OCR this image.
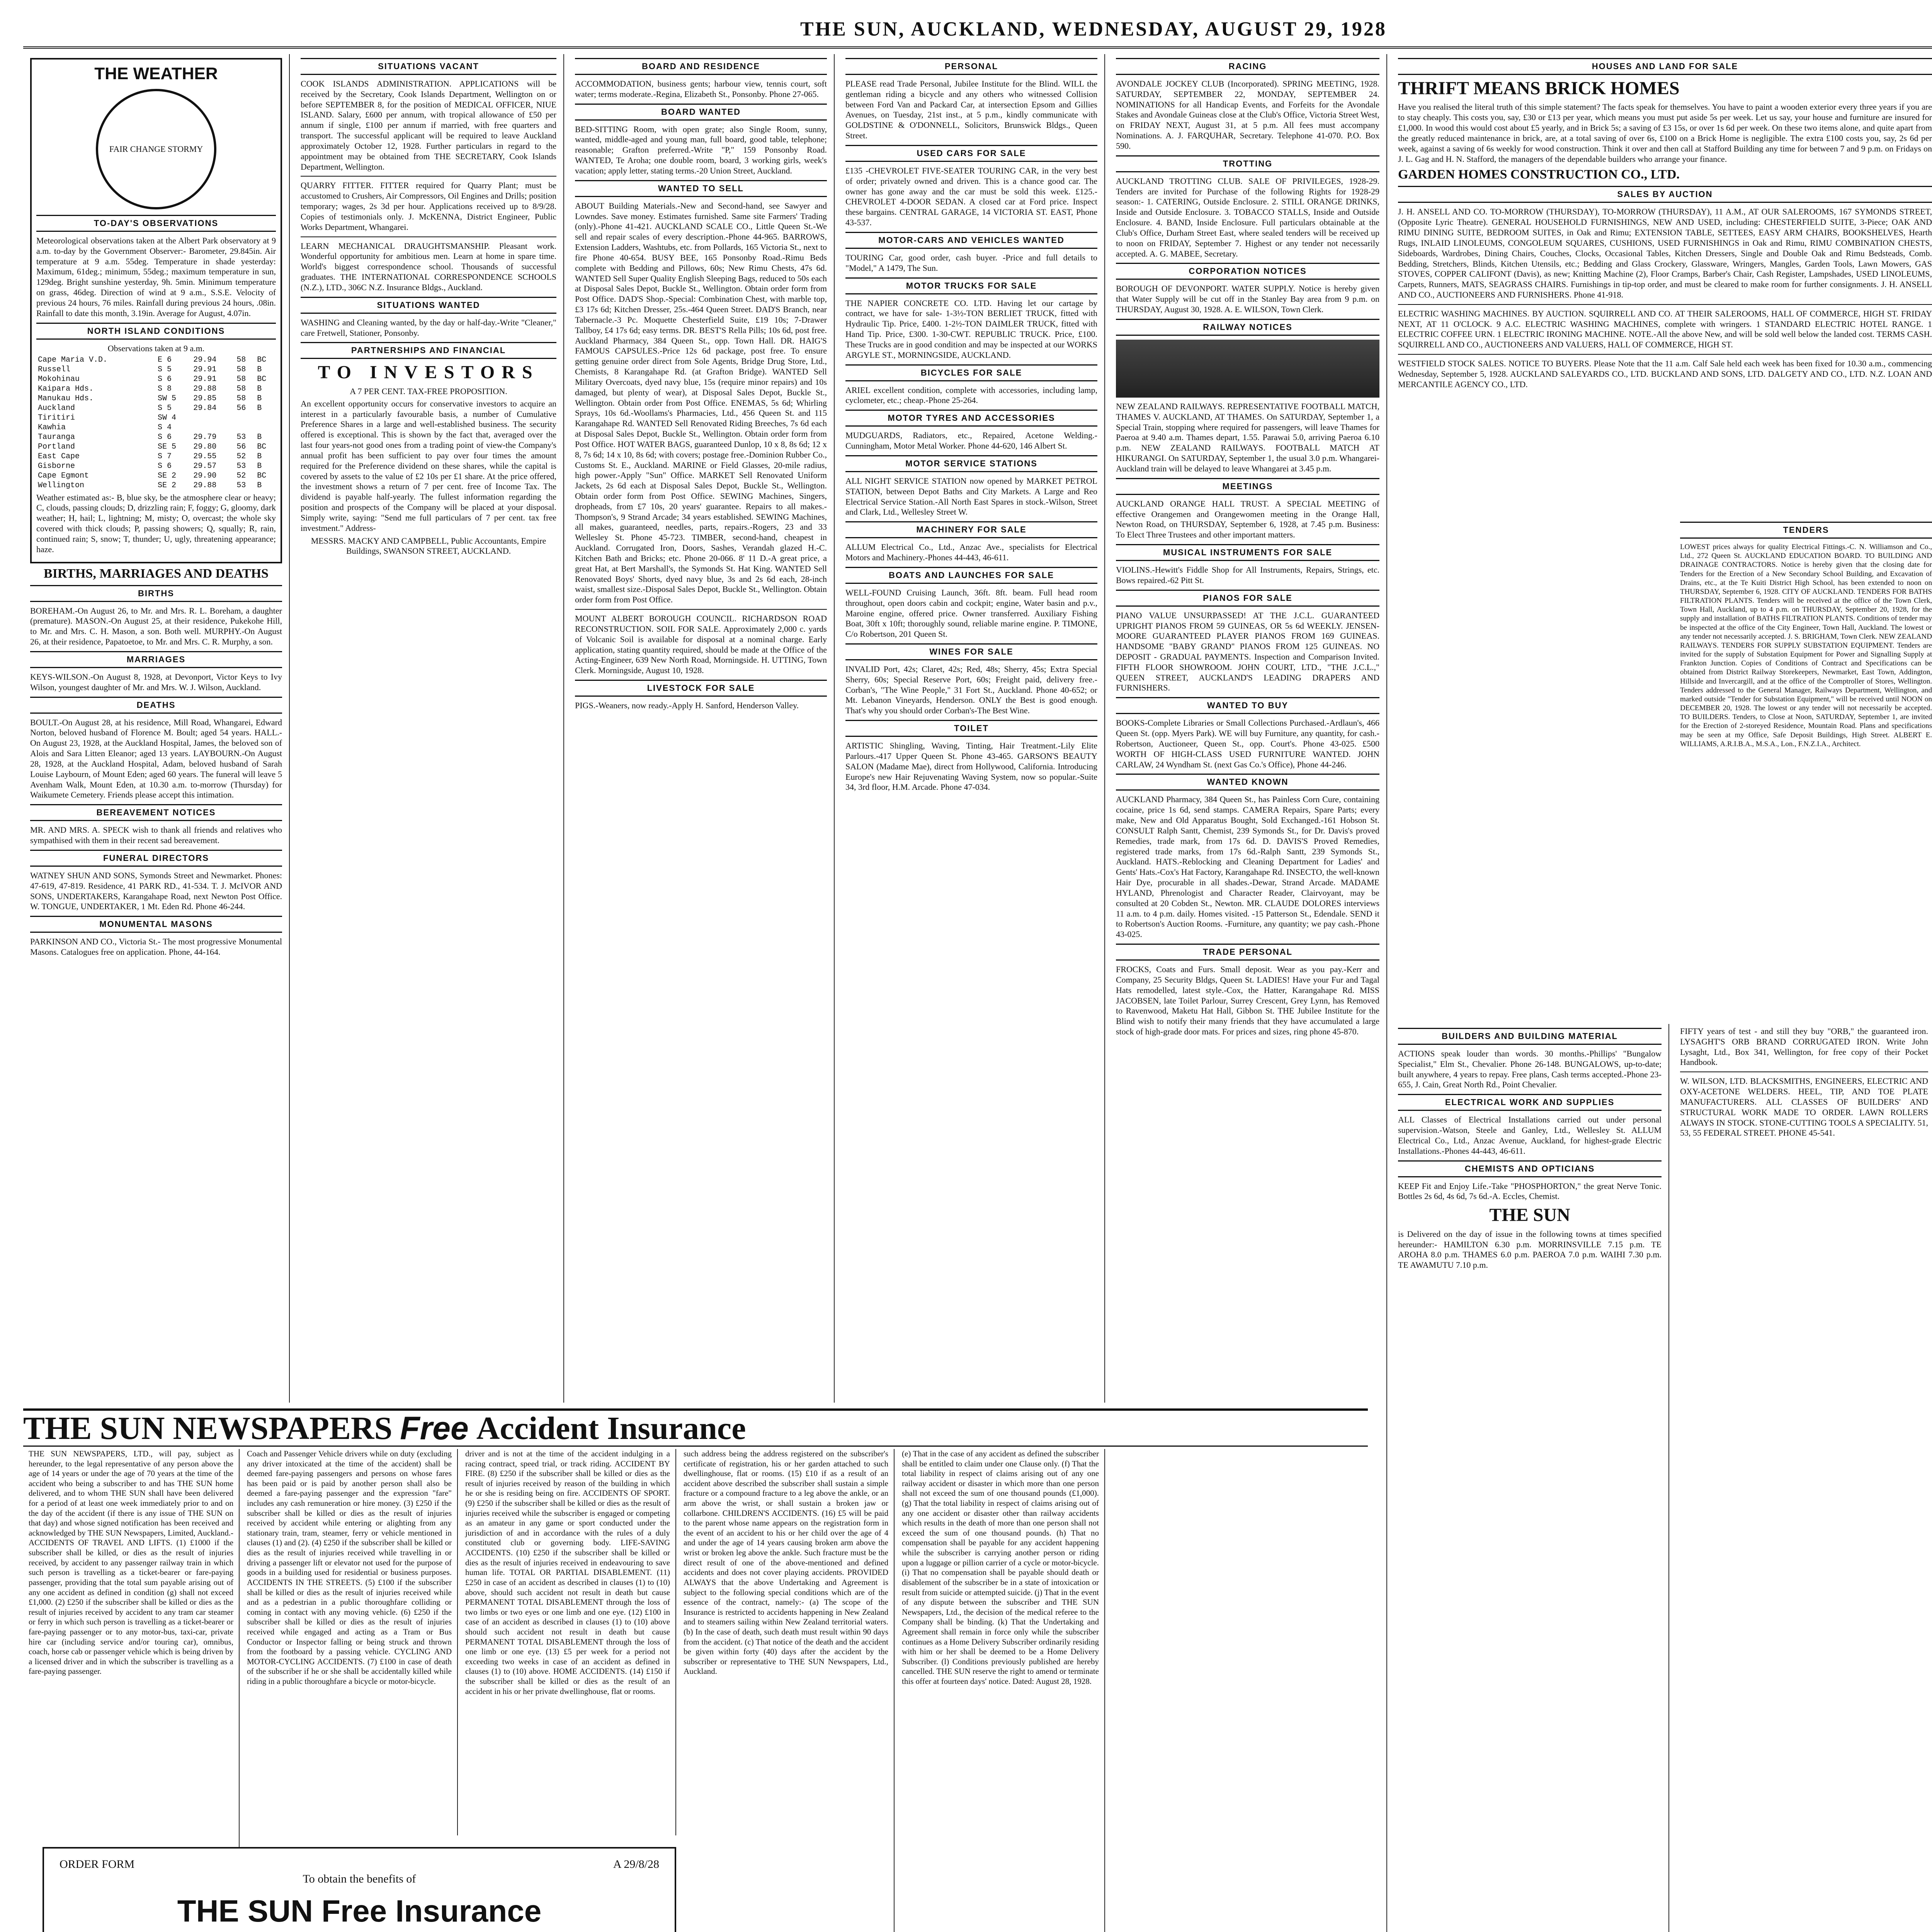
THE SUN, AUCKLAND, WEDNESDAY, AUGUST 29, 1928
THE WEATHER
FAIR CHANGE STORMY
TO-DAY'S OBSERVATIONS
Meteorological observations taken at the Albert Park observatory at 9 a.m. to-day by the Government Observer:- Barometer, 29.845in. Air temperature at 9 a.m. 55deg. Temperature in shade yesterday: Maximum, 61deg.; minimum, 55deg.; maximum temperature in sun, 129deg. Bright sunshine yesterday, 9h. 5min. Minimum temperature on grass, 46deg. Direction of wind at 9 a.m., S.S.E. Velocity of previous 24 hours, 76 miles. Rainfall during previous 24 hours, .08in. Rainfall to date this month, 3.19in. Average for August, 4.07in.
NORTH ISLAND CONDITIONS
Observations taken at 9 a.m.
Cape Maria V.D.	E 6	29.94	58	BC
Russell	S 5	29.91	58	B
Mokohinau	S 6	29.91	58	BC
Kaipara Hds.	S 8	29.88	58	B
Manukau Hds.	SW 5	29.85	58	B
Auckland	S 5	29.84	56	B
Tiritiri	SW 4			
Kawhia	S 4			
Tauranga	S 6	29.79	53	B
Portland	SE 5	29.80	56	BC
East Cape	S 7	29.55	52	B
Gisborne	S 6	29.57	53	B
Cape Egmont	SE 2	29.90	52	BC
Wellington	SE 2	29.88	53	B
Weather estimated as:- B, blue sky, be the atmosphere clear or heavy; C, clouds, passing clouds; D, drizzling rain; F, foggy; G, gloomy, dark weather; H, hail; L, lightning; M, misty; O, overcast; the whole sky covered with thick clouds; P, passing showers; Q, squally; R, rain, continued rain; S, snow; T, thunder; U, ugly, threatening appearance; haze.
BIRTHS, MARRIAGES AND DEATHS
BIRTHS
BOREHAM.-On August 26, to Mr. and Mrs. R. L. Boreham, a daughter (premature). MASON.-On August 25, at their residence, Pukekohe Hill, to Mr. and Mrs. C. H. Mason, a son. Both well. MURPHY.-On August 26, at their residence, Papatoetoe, to Mr. and Mrs. C. R. Murphy, a son.
MARRIAGES
KEYS-WILSON.-On August 8, 1928, at Devonport, Victor Keys to Ivy Wilson, youngest daughter of Mr. and Mrs. W. J. Wilson, Auckland.
DEATHS
BOULT.-On August 28, at his residence, Mill Road, Whangarei, Edward Norton, beloved husband of Florence M. Boult; aged 54 years. HALL.-On August 23, 1928, at the Auckland Hospital, James, the beloved son of Alois and Sara Litten Eleanor; aged 13 years. LAYBOURN.-On August 28, 1928, at the Auckland Hospital, Adam, beloved husband of Sarah Louise Laybourn, of Mount Eden; aged 60 years. The funeral will leave 5 Avenham Walk, Mount Eden, at 10.30 a.m. to-morrow (Thursday) for Waikumete Cemetery. Friends please accept this intimation.
BEREAVEMENT NOTICES
MR. AND MRS. A. SPECK wish to thank all friends and relatives who sympathised with them in their recent sad bereavement.
FUNERAL DIRECTORS
WATNEY SHUN AND SONS, Symonds Street and Newmarket. Phones: 47-619, 47-819. Residence, 41 PARK RD., 41-534. T. J. McIVOR AND SONS, UNDERTAKERS, Karangahape Road, next Newton Post Office. W. TONGUE, UNDERTAKER, 1 Mt. Eden Rd. Phone 46-244.
MONUMENTAL MASONS
PARKINSON AND CO., Victoria St.- The most progressive Monumental Masons. Catalogues free on application. Phone, 44-164.
SITUATIONS VACANT
COOK ISLANDS ADMINISTRATION. APPLICATIONS will be received by the Secretary, Cook Islands Department, Wellington on or before SEPTEMBER 8, for the position of MEDICAL OFFICER, NIUE ISLAND. Salary, £600 per annum, with tropical allowance of £50 per annum if single, £100 per annum if married, with free quarters and transport. The successful applicant will be required to leave Auckland approximately October 12, 1928. Further particulars in regard to the appointment may be obtained from THE SECRETARY, Cook Islands Department, Wellington.
QUARRY FITTER. FITTER required for Quarry Plant; must be accustomed to Crushers, Air Compressors, Oil Engines and Drills; position temporary; wages, 2s 3d per hour. Applications received up to 8/9/28. Copies of testimonials only. J. McKENNA, District Engineer, Public Works Department, Whangarei.
LEARN MECHANICAL DRAUGHTSMANSHIP. Pleasant work. Wonderful opportunity for ambitious men. Learn at home in spare time. World's biggest correspondence school. Thousands of successful graduates. THE INTERNATIONAL CORRESPONDENCE SCHOOLS (N.Z.), LTD., 306C N.Z. Insurance Bldgs., Auckland.
SITUATIONS WANTED
WASHING and Cleaning wanted, by the day or half-day.-Write "Cleaner," care Fretwell, Stationer, Ponsonby.
PARTNERSHIPS AND FINANCIAL
TO INVESTORS
A 7 PER CENT. TAX-FREE PROPOSITION.
An excellent opportunity occurs for conservative investors to acquire an interest in a particularly favourable basis, a number of Cumulative Preference Shares in a large and well-established business. The security offered is exceptional. This is shown by the fact that, averaged over the last four years-not good ones from a trading point of view-the Company's annual profit has been sufficient to pay over four times the amount required for the Preference dividend on these shares, while the capital is covered by assets to the value of £2 10s per £1 share. At the price offered, the investment shows a return of 7 per cent. free of Income Tax. The dividend is payable half-yearly. The fullest information regarding the position and prospects of the Company will be placed at your disposal. Simply write, saying: "Send me full particulars of 7 per cent. tax free investment." Address-
MESSRS. MACKY AND CAMPBELL, Public Accountants, Empire Buildings, SWANSON STREET, AUCKLAND.
BOARD AND RESIDENCE
ACCOMMODATION, business gents; harbour view, tennis court, soft water; terms moderate.-Regina, Elizabeth St., Ponsonby. Phone 27-065.
BOARD WANTED
BED-SITTING Room, with open grate; also Single Room, sunny, wanted, middle-aged and young man, full board, good table, telephone; reasonable; Grafton preferred.-Write "P," 159 Ponsonby Road. WANTED, Te Aroha; one double room, board, 3 working girls, week's vacation; apply letter, stating terms.-20 Union Street, Auckland.
WANTED TO SELL
ABOUT Building Materials.-New and Second-hand, see Sawyer and Lowndes. Save money. Estimates furnished. Same site Farmers' Trading (only).-Phone 41-421. AUCKLAND SCALE CO., Little Queen St.-We sell and repair scales of every description.-Phone 44-965. BARROWS, Extension Ladders, Washtubs, etc. from Pollards, 165 Victoria St., next to fire Phone 40-654. BUSY BEE, 165 Ponsonby Road.-Rimu Beds complete with Bedding and Pillows, 60s; New Rimu Chests, 47s 6d. WANTED Sell Super Quality English Sleeping Bags, reduced to 50s each at Disposal Sales Depot, Buckle St., Wellington. Obtain order form from Post Office. DAD'S Shop.-Special: Combination Chest, with marble top, £3 17s 6d; Kitchen Dresser, 25s.-464 Queen Street. DAD'S Branch, near Tabernacle.-3 Pc. Moquette Chesterfield Suite, £19 10s; 7-Drawer Tallboy, £4 17s 6d; easy terms. DR. BEST'S Rella Pills; 10s 6d, post free. Auckland Pharmacy, 384 Queen St., opp. Town Hall. DR. HAIG'S FAMOUS CAPSULES.-Price 12s 6d package, post free. To ensure getting genuine order direct from Sole Agents, Bridge Drug Store, Ltd., Chemists, 8 Karangahape Rd. (at Grafton Bridge). WANTED Sell Military Overcoats, dyed navy blue, 15s (require minor repairs) and 10s damaged, but plenty of wear), at Disposal Sales Depot, Buckle St., Wellington. Obtain order from Post Office. ENEMAS, 5s 6d; Whirling Sprays, 10s 6d.-Woollams's Pharmacies, Ltd., 456 Queen St. and 115 Karangahape Rd. WANTED Sell Renovated Riding Breeches, 7s 6d each at Disposal Sales Depot, Buckle St., Wellington. Obtain order form from Post Office. HOT WATER BAGS, guaranteed Dunlop, 10 x 8, 8s 6d; 12 x 8, 7s 6d; 14 x 10, 8s 6d; with covers; postage free.-Dominion Rubber Co., Customs St. E., Auckland. MARINE or Field Glasses, 20-mile radius, high power.-Apply "Sun" Office. MARKET Sell Renovated Uniform Jackets, 2s 6d each at Disposal Sales Depot, Buckle St., Wellington. Obtain order form from Post Office. SEWING Machines, Singers, dropheads, from £7 10s, 20 years' guarantee. Repairs to all makes.-Thompson's, 9 Strand Arcade; 34 years established. SEWING Machines, all makes, guaranteed, needles, parts, repairs.-Rogers, 23 and 33 Wellesley St. Phone 45-723. TIMBER, second-hand, cheapest in Auckland. Corrugated Iron, Doors, Sashes, Verandah glazed H.-C. Kitchen Bath and Bricks; etc. Phone 20-066. 8' 11 D.-A great price, a great Hat, at Bert Marshall's, the Symonds St. Hat King. WANTED Sell Renovated Boys' Shorts, dyed navy blue, 3s and 2s 6d each, 28-inch waist, smallest size.-Disposal Sales Depot, Buckle St., Wellington. Obtain order form from Post Office.
MOUNT ALBERT BOROUGH COUNCIL. RICHARDSON ROAD RECONSTRUCTION. SOIL FOR SALE. Approximately 2,000 c. yards of Volcanic Soil is available for disposal at a nominal charge. Early application, stating quantity required, should be made at the Office of the Acting-Engineer, 639 New North Road, Morningside. H. UTTING, Town Clerk. Morningside, August 10, 1928.
LIVESTOCK FOR SALE
PIGS.-Weaners, now ready.-Apply H. Sanford, Henderson Valley.
PERSONAL
PLEASE read Trade Personal, Jubilee Institute for the Blind. WILL the gentleman riding a bicycle and any others who witnessed Collision between Ford Van and Packard Car, at intersection Epsom and Gillies Avenues, on Tuesday, 21st inst., at 5 p.m., kindly communicate with GOLDSTINE & O'DONNELL, Solicitors, Brunswick Bldgs., Queen Street.
USED CARS FOR SALE
£135 -CHEVROLET FIVE-SEATER TOURING CAR, in the very best of order; privately owned and driven. This is a chance good car. The owner has gone away and the car must be sold this week. £125.-CHEVROLET 4-DOOR SEDAN. A closed car at Ford price. Inspect these bargains. CENTRAL GARAGE, 14 VICTORIA ST. EAST, Phone 43-537.
MOTOR-CARS AND VEHICLES WANTED
TOURING Car, good order, cash buyer. -Price and full details to "Model," A 1479, The Sun.
MOTOR TRUCKS FOR SALE
THE NAPIER CONCRETE CO. LTD. Having let our cartage by contract, we have for sale- 1-3½-TON BERLIET TRUCK, fitted with Hydraulic Tip. Price, £400. 1-2½-TON DAIMLER TRUCK, fitted with Hand Tip. Price, £300. 1-30-CWT. REPUBLIC TRUCK. Price, £100. These Trucks are in good condition and may be inspected at our WORKS ARGYLE ST., MORNINGSIDE, AUCKLAND.
BICYCLES FOR SALE
ARIEL excellent condition, complete with accessories, including lamp, cyclometer, etc.; cheap.-Phone 25-264.
MOTOR TYRES AND ACCESSORIES
MUDGUARDS, Radiators, etc., Repaired, Acetone Welding.-Cunningham, Motor Metal Worker. Phone 44-620, 146 Albert St.
MOTOR SERVICE STATIONS
ALL NIGHT SERVICE STATION now opened by MARKET PETROL STATION, between Depot Baths and City Markets. A Large and Reo Electrical Service Station.-All North East Spares in stock.-Wilson, Street and Clark, Ltd., Wellesley Street W.
MACHINERY FOR SALE
ALLUM Electrical Co., Ltd., Anzac Ave., specialists for Electrical Motors and Machinery.-Phones 44-443, 46-611.
BOATS AND LAUNCHES FOR SALE
WELL-FOUND Cruising Launch, 36ft. 8ft. beam. Full head room throughout, open doors cabin and cockpit; engine, Water basin and p.v., Maroine engine, offered price. Owner transferred. Auxiliary Fishing Boat, 30ft x 10ft; thoroughly sound, reliable marine engine. P. TIMONE, C/o Robertson, 201 Queen St.
WINES FOR SALE
INVALID Port, 42s; Claret, 42s; Red, 48s; Sherry, 45s; Extra Special Sherry, 60s; Special Reserve Port, 60s; Freight paid, delivery free.-Corban's, "The Wine People," 31 Fort St., Auckland. Phone 40-652; or Mt. Lebanon Vineyards, Henderson. ONLY the Best is good enough. That's why you should order Corban's-The Best Wine.
TOILET
ARTISTIC Shingling, Waving, Tinting, Hair Treatment.-Lily Elite Parlours.-417 Upper Queen St. Phone 43-465. GARSON'S BEAUTY SALON (Madame Mae), direct from Hollywood, California. Introducing Europe's new Hair Rejuvenating Waving System, now so popular.-Suite 34, 3rd floor, H.M. Arcade. Phone 47-034.
RACING
AVONDALE JOCKEY CLUB (Incorporated). SPRING MEETING, 1928. SATURDAY, SEPTEMBER 22, MONDAY, SEPTEMBER 24. NOMINATIONS for all Handicap Events, and Forfeits for the Avondale Stakes and Avondale Guineas close at the Club's Office, Victoria Street West, on FRIDAY NEXT, August 31, at 5 p.m. All fees must accompany Nominations. A. J. FARQUHAR, Secretary. Telephone 41-070. P.O. Box 590.
TROTTING
AUCKLAND TROTTING CLUB. SALE OF PRIVILEGES, 1928-29. Tenders are invited for Purchase of the following Rights for 1928-29 season:- 1. CATERING, Outside Enclosure. 2. STILL ORANGE DRINKS, Inside and Outside Enclosure. 3. TOBACCO STALLS, Inside and Outside Enclosure. 4. BAND, Inside Enclosure. Full particulars obtainable at the Club's Office, Durham Street East, where sealed tenders will be received up to noon on FRIDAY, September 7. Highest or any tender not necessarily accepted. A. G. MABEE, Secretary.
CORPORATION NOTICES
BOROUGH OF DEVONPORT. WATER SUPPLY. Notice is hereby given that Water Supply will be cut off in the Stanley Bay area from 9 p.m. on THURSDAY, August 30, 1928. A. E. WILSON, Town Clerk.
RAILWAY NOTICES
NEW ZEALAND RAILWAYS. REPRESENTATIVE FOOTBALL MATCH, THAMES V. AUCKLAND, AT THAMES. On SATURDAY, September 1, a Special Train, stopping where required for passengers, will leave Thames for Paeroa at 9.40 a.m. Thames depart, 1.55. Parawai 5.0, arriving Paeroa 6.10 p.m. NEW ZEALAND RAILWAYS. FOOTBALL MATCH AT HIKURANGI. On SATURDAY, September 1, the usual 3.0 p.m. Whangarei-Auckland train will be delayed to leave Whangarei at 3.45 p.m.
MEETINGS
AUCKLAND ORANGE HALL TRUST. A SPECIAL MEETING of effective Orangemen and Orangewomen meeting in the Orange Hall, Newton Road, on THURSDAY, September 6, 1928, at 7.45 p.m. Business: To Elect Three Trustees and other important matters.
MUSICAL INSTRUMENTS FOR SALE
VIOLINS.-Hewitt's Fiddle Shop for All Instruments, Repairs, Strings, etc. Bows repaired.-62 Pitt St.
PIANOS FOR SALE
PIANO VALUE UNSURPASSED! AT THE J.C.L. GUARANTEED UPRIGHT PIANOS FROM 59 GUINEAS, OR 5s 6d WEEKLY. JENSEN-MOORE GUARANTEED PLAYER PIANOS FROM 169 GUINEAS. HANDSOME "BABY GRAND" PIANOS FROM 125 GUINEAS. NO DEPOSIT - GRADUAL PAYMENTS. Inspection and Comparison Invited. FIFTH FLOOR SHOWROOM. JOHN COURT, LTD., "THE J.C.L.," QUEEN STREET, AUCKLAND'S LEADING DRAPERS AND FURNISHERS.
WANTED TO BUY
BOOKS-Complete Libraries or Small Collections Purchased.-Ardlaun's, 466 Queen St. (opp. Myers Park). WE will buy Furniture, any quantity, for cash.-Robertson, Auctioneer, Queen St., opp. Court's. Phone 43-025. £500 WORTH OF HIGH-CLASS USED FURNITURE WANTED. JOHN CARLAW, 24 Wyndham St. (next Gas Co.'s Office), Phone 44-246.
WANTED KNOWN
AUCKLAND Pharmacy, 384 Queen St., has Painless Corn Cure, containing cocaine, price 1s 6d, send stamps. CAMERA Repairs, Spare Parts; every make, New and Old Apparatus Bought, Sold Exchanged.-161 Hobson St. CONSULT Ralph Santt, Chemist, 239 Symonds St., for Dr. Davis's proved Remedies, trade mark, from 17s 6d. D. DAVIS'S Proved Remedies, registered trade marks, from 17s 6d.-Ralph Santt, 239 Symonds St., Auckland. HATS.-Reblocking and Cleaning Department for Ladies' and Gents' Hats.-Cox's Hat Factory, Karangahape Rd. INSECTO, the well-known Hair Dye, procurable in all shades.-Dewar, Strand Arcade. MADAME HYLAND, Phrenologist and Character Reader, Clairvoyant, may be consulted at 20 Cobden St., Newton. MR. CLAUDE DOLORES interviews 11 a.m. to 4 p.m. daily. Homes visited. -15 Patterson St., Edendale. SEND it to Robertson's Auction Rooms. -Furniture, any quantity; we pay cash.-Phone 43-025.
TRADE PERSONAL
FROCKS, Coats and Furs. Small deposit. Wear as you pay.-Kerr and Company, 25 Security Bldgs, Queen St. LADIES! Have your Fur and Tagal Hats remodelled, latest style.-Cox, the Hatter, Karangahape Rd. MISS JACOBSEN, late Toilet Parlour, Surrey Crescent, Grey Lynn, has Removed to Ravenwood, Maketu Hat Hall, Gibbon St. THE Jubilee Institute for the Blind wish to notify their many friends that they have accumulated a large stock of high-grade door mats. For prices and sizes, ring phone 45-870.
HOUSES AND LAND FOR SALE
THRIFT MEANS BRICK HOMES
Have you realised the literal truth of this simple statement? The facts speak for themselves. You have to paint a wooden exterior every three years if you are to stay cheaply. This costs you, say, £30 or £13 per year, which means you must put aside 5s per week. Let us say, your house and furniture are insured for £1,000. In wood this would cost about £5 yearly, and in Brick 5s; a saving of £3 15s, or over 1s 6d per week. On these two items alone, and quite apart from the greatly reduced maintenance in brick, are, at a total saving of over 6s, £100 on a Brick Home is negligible. The extra £100 costs you, say, 2s 6d per week, against a saving of 6s weekly for wood construction. Think it over and then call at Stafford Building any time for between 7 and 9 p.m. on Fridays on J. L. Gag and H. N. Stafford, the managers of the dependable builders who arrange your finance.
GARDEN HOMES CONSTRUCTION CO., LTD.
SALES BY AUCTION
J. H. ANSELL AND CO. TO-MORROW (THURSDAY), TO-MORROW (THURSDAY), 11 A.M., AT OUR SALEROOMS, 167 SYMONDS STREET, (Opposite Lyric Theatre). GENERAL HOUSEHOLD FURNISHINGS, NEW AND USED, including: CHESTERFIELD SUITE, 3-Piece; OAK AND RIMU DINING SUITE, BEDROOM SUITES, in Oak and Rimu; EXTENSION TABLE, SETTEES, EASY ARM CHAIRS, BOOKSHELVES, Hearth Rugs, INLAID LINOLEUMS, CONGOLEUM SQUARES, CUSHIONS, USED FURNISHINGS in Oak and Rimu, RIMU COMBINATION CHESTS, Sideboards, Wardrobes, Dining Chairs, Couches, Clocks, Occasional Tables, Kitchen Dressers, Single and Double Oak and Rimu Bedsteads, Comb. Bedding, Stretchers, Blinds, Kitchen Utensils, etc.; Bedding and Glass Crockery, Glassware, Wringers, Mangles, Garden Tools, Lawn Mowers, GAS STOVES, COPPER CALIFONT (Davis), as new; Knitting Machine (2), Floor Cramps, Barber's Chair, Cash Register, Lampshades, USED LINOLEUMS, Carpets, Runners, MATS, SEAGRASS CHAIRS. Furnishings in tip-top order, and must be cleared to make room for further consignments. J. H. ANSELL AND CO., AUCTIONEERS AND FURNISHERS. Phone 41-918.
ELECTRIC WASHING MACHINES. BY AUCTION. SQUIRRELL AND CO. AT THEIR SALEROOMS, HALL OF COMMERCE, HIGH ST. FRIDAY NEXT, AT 11 O'CLOCK. 9 A.C. ELECTRIC WASHING MACHINES, complete with wringers. 1 STANDARD ELECTRIC HOTEL RANGE. 1 ELECTRIC COFFEE URN. 1 ELECTRIC IRONING MACHINE. NOTE.-All the above New, and will be sold well below the landed cost. TERMS CASH. SQUIRRELL AND CO., AUCTIONEERS AND VALUERS, HALL OF COMMERCE, HIGH ST.
WESTFIELD STOCK SALES. NOTICE TO BUYERS. Please Note that the 11 a.m. Calf Sale held each week has been fixed for 10.30 a.m., commencing Wednesday, September 5, 1928. AUCKLAND SALEYARDS CO., LTD. BUCKLAND AND SONS, LTD. DALGETY AND CO., LTD. N.Z. LOAN AND MERCANTILE AGENCY CO., LTD.
BUILDERS AND BUILDING MATERIAL
ACTIONS speak louder than words. 30 months.-Phillips' "Bungalow Specialist," Elm St., Chevalier. Phone 26-148. BUNGALOWS, up-to-date; built anywhere, 4 years to repay. Free plans, Cash terms accepted.-Phone 23-655, J. Cain, Great North Rd., Point Chevalier.
ELECTRICAL WORK AND SUPPLIES
ALL Classes of Electrical Installations carried out under personal supervision.-Watson, Steele and Ganley, Ltd., Wellesley St. ALLUM Electrical Co., Ltd., Anzac Avenue, Auckland, for highest-grade Electric Installations.-Phones 44-443, 46-611.
CHEMISTS AND OPTICIANS
KEEP Fit and Enjoy Life.-Take "PHOSPHORTON," the great Nerve Tonic. Bottles 2s 6d, 4s 6d, 7s 6d.-A. Eccles, Chemist.
THE SUN
is Delivered on the day of issue in the following towns at times specified hereunder:- HAMILTON 6.30 p.m. MORRINSVILLE 7.15 p.m. TE AROHA 8.0 p.m. THAMES 6.0 p.m. PAEROA 7.0 p.m. WAIHI 7.30 p.m. TE AWAMUTU 7.10 p.m.
FIFTY years of test - and still they buy "ORB," the guaranteed iron. LYSAGHT'S ORB BRAND CORRUGATED IRON. Write John Lysaght, Ltd., Box 341, Wellington, for free copy of their Pocket Handbook.
W. WILSON, LTD. BLACKSMITHS, ENGINEERS, ELECTRIC AND OXY-ACETONE WELDERS. HEEL, TIP, AND TOE PLATE MANUFACTURERS. ALL CLASSES OF BUILDERS' AND STRUCTURAL WORK MADE TO ORDER. LAWN ROLLERS ALWAYS IN STOCK. STONE-CUTTING TOOLS A SPECIALITY. 51, 53, 55 FEDERAL STREET. PHONE 45-541.
TENDERS
LOWEST prices always for quality Electrical Fittings.-C. N. Williamson and Co., Ltd., 272 Queen St. AUCKLAND EDUCATION BOARD. TO BUILDING AND DRAINAGE CONTRACTORS. Notice is hereby given that the closing date for Tenders for the Erection of a New Secondary School Building, and Excavation of Drains, etc., at the Te Kuiti District High School, has been extended to noon on THURSDAY, September 6, 1928. CITY OF AUCKLAND. TENDERS FOR BATHS FILTRATION PLANTS. Tenders will be received at the office of the Town Clerk, Town Hall, Auckland, up to 4 p.m. on THURSDAY, September 20, 1928, for the supply and installation of BATHS FILTRATION PLANTS. Conditions of tender may be inspected at the office of the City Engineer, Town Hall, Auckland. The lowest or any tender not necessarily accepted. J. S. BRIGHAM, Town Clerk. NEW ZEALAND RAILWAYS. TENDERS FOR SUPPLY SUBSTATION EQUIPMENT. Tenders are invited for the supply of Substation Equipment for Power and Signalling Supply at Frankton Junction. Copies of Conditions of Contract and Specifications can be obtained from District Railway Storekeepers, Newmarket, East Town, Addington, Hillside and Invercargill, and at the office of the Comptroller of Stores, Wellington. Tenders addressed to the General Manager, Railways Department, Wellington, and marked outside "Tender for Substation Equipment," will be received until NOON on DECEMBER 20, 1928. The lowest or any tender will not necessarily be accepted. TO BUILDERS. Tenders, to Close at Noon, SATURDAY, September 1, are invited for the Erection of 2-storeyed Residence, Mountain Road. Plans and specifications may be seen at my Office, Safe Deposit Buildings, High Street. ALBERT E. WILLIAMS, A.R.I.B.A., M.S.A., Lon., F.N.Z.I.A., Architect.
THE SUN NEWSPAPERS Free Accident Insurance
THE SUN NEWSPAPERS, LTD., will pay, subject as hereunder, to the legal representative of any person above the age of 14 years or under the age of 70 years at the time of the accident who being a subscriber to and has THE SUN home delivered, and to whom THE SUN shall have been delivered for a period of at least one week immediately prior to and on the day of the accident (if there is any issue of THE SUN on that day) and whose signed notification has been received and acknowledged by THE SUN Newspapers, Limited, Auckland.- ACCIDENTS OF TRAVEL AND LIFTS. (1) £1000 if the subscriber shall be killed, or dies as the result of injuries received, by accident to any passenger railway train in which such person is travelling as a ticket-bearer or fare-paying passenger, providing that the total sum payable arising out of any one accident as defined in condition (g) shall not exceed £1,000. (2) £250 if the subscriber shall be killed or dies as the result of injuries received by accident to any tram car steamer or ferry in which such person is travelling as a ticket-bearer or fare-paying passenger or to any motor-bus, taxi-car, private hire car (including service and/or touring car), omnibus, coach, horse cab or passenger vehicle which is being driven by a licensed driver and in which the subscriber is travelling as a fare-paying passenger.
Coach and Passenger Vehicle drivers while on duty (excluding any driver intoxicated at the time of the accident) shall be deemed fare-paying passengers and persons on whose fares has been paid or is paid by another person shall also be deemed a fare-paying passenger and the expression "fare" includes any cash remuneration or hire money. (3) £250 if the subscriber shall be killed or dies as the result of injuries received by accident while entering or alighting from any stationary train, tram, steamer, ferry or vehicle mentioned in clauses (1) and (2). (4) £250 if the subscriber shall be killed or dies as the result of injuries received while travelling in or driving a passenger lift or elevator not used for the purpose of goods in a building used for residential or business purposes. ACCIDENTS IN THE STREETS. (5) £100 if the subscriber shall be killed or dies as the result of injuries received while and as a pedestrian in a public thoroughfare colliding or coming in contact with any moving vehicle. (6) £250 if the subscriber shall be killed or dies as the result of injuries received while engaged and acting as a Tram or Bus Conductor or Inspector falling or being struck and thrown from the footboard by a passing vehicle. CYCLING AND MOTOR-CYCLING ACCIDENTS. (7) £100 in case of death of the subscriber if he or she shall be accidentally killed while riding in a public thoroughfare a bicycle or motor-bicycle.
driver and is not at the time of the accident indulging in a racing contract, speed trial, or track riding. ACCIDENT BY FIRE. (8) £250 if the subscriber shall be killed or dies as the result of injuries received by reason of the building in which he or she is residing being on fire. ACCIDENTS OF SPORT. (9) £250 if the subscriber shall be killed or dies as the result of injuries received while the subscriber is engaged or competing as an amateur in any game or sport conducted under the jurisdiction of and in accordance with the rules of a duly constituted club or governing body. LIFE-SAVING ACCIDENTS. (10) £250 if the subscriber shall be killed or dies as the result of injuries received in endeavouring to save human life. TOTAL OR PARTIAL DISABLEMENT. (11) £250 in case of an accident as described in clauses (1) to (10) above, should such accident not result in death but cause PERMANENT TOTAL DISABLEMENT through the loss of two limbs or two eyes or one limb and one eye. (12) £100 in case of an accident as described in clauses (1) to (10) above should such accident not result in death but cause PERMANENT TOTAL DISABLEMENT through the loss of one limb or one eye. (13) £5 per week for a period not exceeding two weeks in case of an accident as defined in clauses (1) to (10) above. HOME ACCIDENTS. (14) £150 if the subscriber shall be killed or dies as the result of an accident in his or her private dwellinghouse, flat or rooms.
such address being the address registered on the subscriber's certificate of registration, his or her garden attached to such dwellinghouse, flat or rooms. (15) £10 if as a result of an accident above described the subscriber shall sustain a simple fracture or a compound fracture to a leg above the ankle, or an arm above the wrist, or shall sustain a broken jaw or collarbone. CHILDREN'S ACCIDENTS. (16) £5 will be paid to the parent whose name appears on the registration form in the event of an accident to his or her child over the age of 4 and under the age of 14 years causing broken arm above the wrist or broken leg above the ankle. Such fracture must be the direct result of one of the above-mentioned and defined accidents and does not cover playing accidents. PROVIDED ALWAYS that the above Undertaking and Agreement is subject to the following special conditions which are of the essence of the contract, namely:- (a) The scope of the Insurance is restricted to accidents happening in New Zealand and to steamers sailing within New Zealand territorial waters. (b) In the case of death, such death must result within 90 days from the accident. (c) That notice of the death and the accident be given within forty (40) days after the accident by the subscriber or representative to THE SUN Newspapers, Ltd., Auckland.
(e) That in the case of any accident as defined the subscriber shall be entitled to claim under one Clause only. (f) That the total liability in respect of claims arising out of any one railway accident or disaster in which more than one person shall not exceed the sum of one thousand pounds (£1,000). (g) That the total liability in respect of claims arising out of any one accident or disaster other than railway accidents which results in the death of more than one person shall not exceed the sum of one thousand pounds. (h) That no compensation shall be payable for any accident happening while the subscriber is carrying another person or riding upon a luggage or pillion carrier of a cycle or motor-bicycle. (i) That no compensation shall be payable should death or disablement of the subscriber be in a state of intoxication or result from suicide or attempted suicide. (j) That in the event of any dispute between the subscriber and THE SUN Newspapers, Ltd., the decision of the medical referee to the Company shall be binding. (k) That the Undertaking and Agreement shall remain in force only while the subscriber continues as a Home Delivery Subscriber ordinarily residing with him or her shall be deemed to be a Home Delivery Subscriber. (l) Conditions previously published are hereby cancelled. THE SUN reserve the right to amend or terminate this offer at fourteen days' notice. Dated: August 28, 1928.
ORDER FORM	A 29/8/28
To obtain the benefits of
THE SUN Free Insurance
